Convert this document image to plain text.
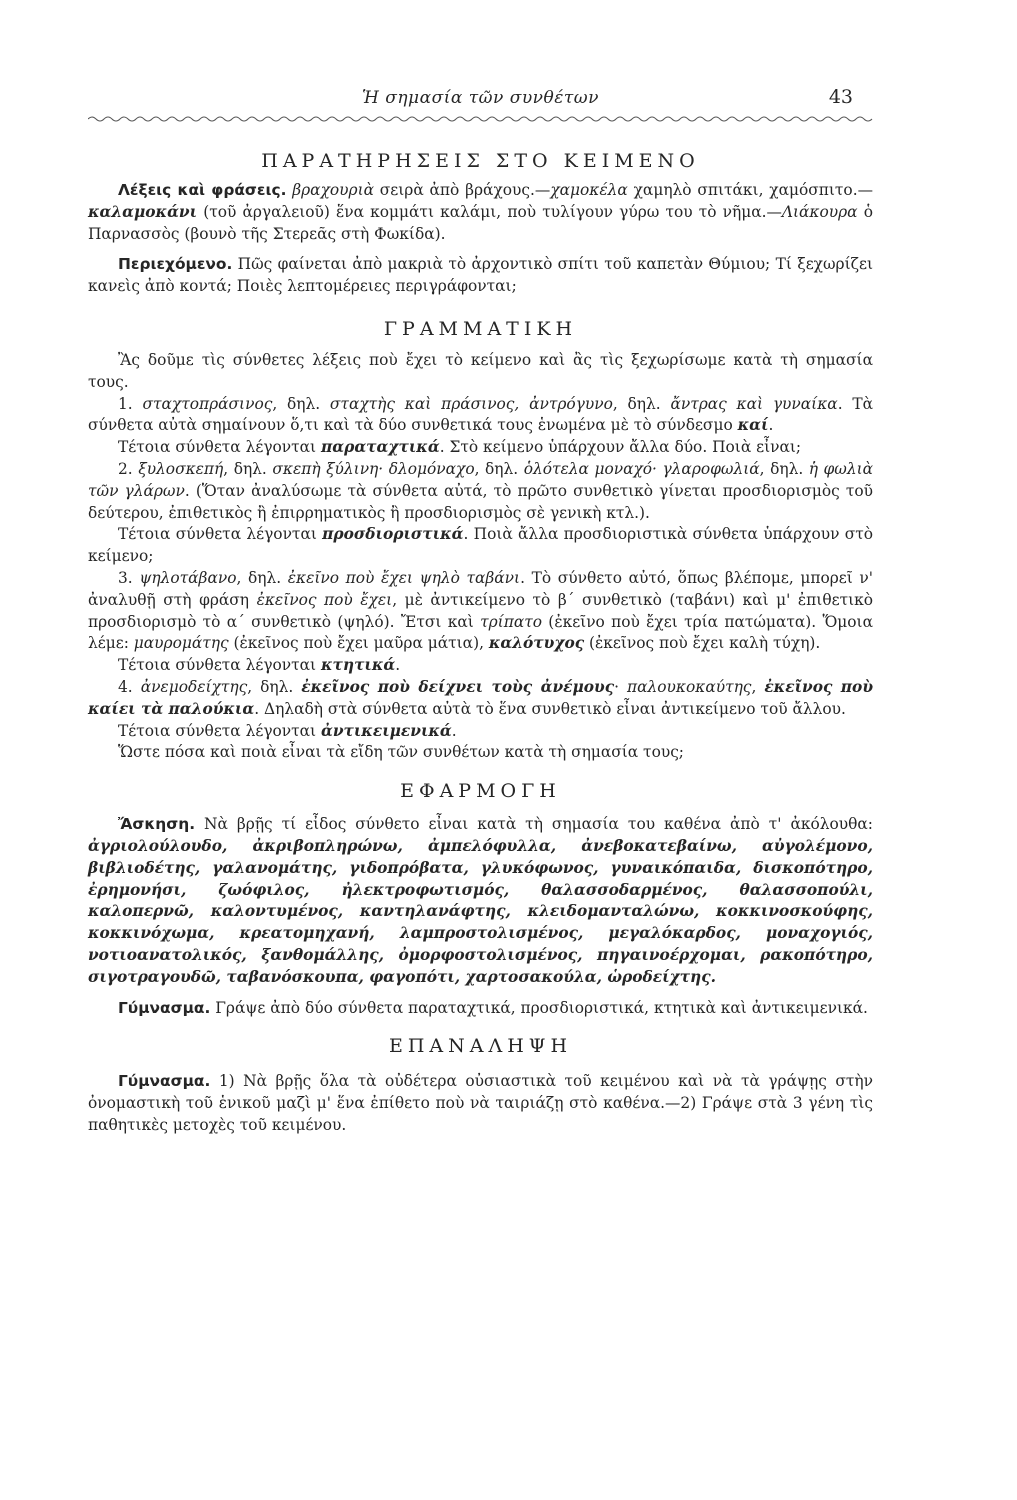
Ἡ σημασία τῶν συνθέτων	43
ΠΑΡΑΤΗΡΗΣΕΙΣ ΣΤΟ ΚΕΙΜΕΝΟ

Λέξεις καὶ φράσεις. βραχουριὰ σειρὰ ἀπὸ βράχους.—χαμοκέλα χαμηλὸ σπιτάκι, χαμόσπιτο.—καλαμοκάνι (τοῦ ἀργαλειοῦ) ἕνα κομμάτι καλάμι, ποὺ τυλίγουν γύρω του τὸ νῆμα.—Λιάκουρα ὁ Παρνασσὸς (βουνὸ τῆς Στερεᾶς στὴ Φωκίδα).

Περιεχόμενο. Πῶς φαίνεται ἀπὸ μακριὰ τὸ ἀρχοντικὸ σπίτι τοῦ καπετὰν Θύμιου; Τί ξεχωρίζει κανεὶς ἀπὸ κοντά; Ποιὲς λεπτομέρειες περιγράφονται;

ΓΡΑΜΜΑΤΙΚΗ

Ἂς δοῦμε τὶς σύνθετες λέξεις ποὺ ἔχει τὸ κείμενο καὶ ἂς τὶς ξεχωρίσωμε κατὰ τὴ σημασία τους.

1. σταχτοπράσινος, δηλ. σταχτὴς καὶ πράσινος, ἀντρόγυνο, δηλ. ἄντρας καὶ γυναίκα. Τὰ σύνθετα αὐτὰ σημαίνουν ὅ,τι καὶ τὰ δύο συνθετικά τους ἑνωμένα μὲ τὸ σύνδεσμο καί.

Τέτοια σύνθετα λέγονται παραταχτικά. Στὸ κείμενο ὑπάρχουν ἄλλα δύο. Ποιὰ εἶναι;

2. ξυλοσκεπή, δηλ. σκεπὴ ξύλινη· δλομόναχο, δηλ. ὁλότελα μοναχό· γλαροφωλιά, δηλ. ἡ φωλιὰ τῶν γλάρων. (Ὅταν ἀναλύσωμε τὰ σύνθετα αὐτά, τὸ πρῶτο συνθετικὸ γίνεται προσδιορισμὸς τοῦ δεύτερου, ἐπιθετικὸς ἢ ἐπιρρηματικὸς ἢ προσδιορισμὸς σὲ γενικὴ κτλ.).

Τέτοια σύνθετα λέγονται προσδιοριστικά. Ποιὰ ἄλλα προσδιοριστικὰ σύνθετα ὑπάρχουν στὸ κείμενο;

3. ψηλοτάβανο, δηλ. ἐκεῖνο ποὺ ἔχει ψηλὸ ταβάνι. Τὸ σύνθετο αὐτό, ὅπως βλέπομε, μπορεῖ ν' ἀναλυθῇ στὴ φράση ἐκεῖνος ποὺ ἔχει, μὲ ἀντικείμενο τὸ β΄ συνθετικὸ (ταβάνι) καὶ μ' ἐπιθετικὸ προσδιορισμὸ τὸ α΄ συνθετικὸ (ψηλό). Ἔτσι καὶ τρίπατο (ἐκεῖνο ποὺ ἔχει τρία πατώματα). Ὅμοια λέμε: μαυρομάτης (ἐκεῖνος ποὺ ἔχει μαῦρα μάτια), καλότυχος (ἐκεῖνος ποὺ ἔχει καλὴ τύχη).

Τέτοια σύνθετα λέγονται κτητικά.

4. ἀνεμοδείχτης, δηλ. ἐκεῖνος ποὺ δείχνει τοὺς ἀνέμους· παλουκοκαύτης, ἐκεῖνος ποὺ καίει τὰ παλούκια. Δηλαδὴ στὰ σύνθετα αὐτὰ τὸ ἕνα συνθετικὸ εἶναι ἀντικείμενο τοῦ ἄλλου.

Τέτοια σύνθετα λέγονται ἀντικειμενικά.

Ὥστε πόσα καὶ ποιὰ εἶναι τὰ εἴδη τῶν συνθέτων κατὰ τὴ σημασία τους;

ΕΦΑΡΜΟΓΗ

Ἄσκηση. Νὰ βρῇς τί εἶδος σύνθετο εἶναι κατὰ τὴ σημασία του καθένα ἀπὸ τ' ἀκόλουθα: ἀγριολούλουδο, ἀκριβοπληρώνω, ἀμπελόφυλλα, ἀνεβοκατεβαίνω, αὐγολέμονο, βιβλιοδέτης, γαλανομάτης, γιδοπρόβατα, γλυκόφωνος, γυναικόπαιδα, δισκοπότηρο, ἐρημονήσι, ζωόφιλος, ἠλεκτροφωτισμός, θαλασσοδαρμένος, θαλασσοπούλι, καλοπερνῶ, καλοντυμένος, καντηλανάφτης, κλειδομανταλώνω, κοκκινοσκούφης, κοκκινόχωμα, κρεατομηχανή, λαμπροστολισμένος, μεγαλόκαρδος, μοναχογιός, νοτιοανατολικός, ξανθομάλλης, ὀμορφοστολισμένος, πηγαινοέρχομαι, ρακοπότηρο, σιγοτραγουδῶ, ταβανόσκουπα, φαγοπότι, χαρτοσακούλα, ὡροδείχτης.

Γύμνασμα. Γράψε ἀπὸ δύο σύνθετα παραταχτικά, προσδιοριστικά, κτητικὰ καὶ ἀντικειμενικά.

ΕΠΑΝΑΛΗΨΗ

Γύμνασμα. 1) Νὰ βρῇς ὅλα τὰ οὐδέτερα οὐσιαστικὰ τοῦ κειμένου καὶ νὰ τὰ γράψῃς στὴν ὀνομαστικὴ τοῦ ἑνικοῦ μαζὶ μ' ἕνα ἐπίθετο ποὺ νὰ ταιριάζῃ στὸ καθένα.—2) Γράψε στὰ 3 γένη τὶς παθητικὲς μετοχὲς τοῦ κειμένου.
